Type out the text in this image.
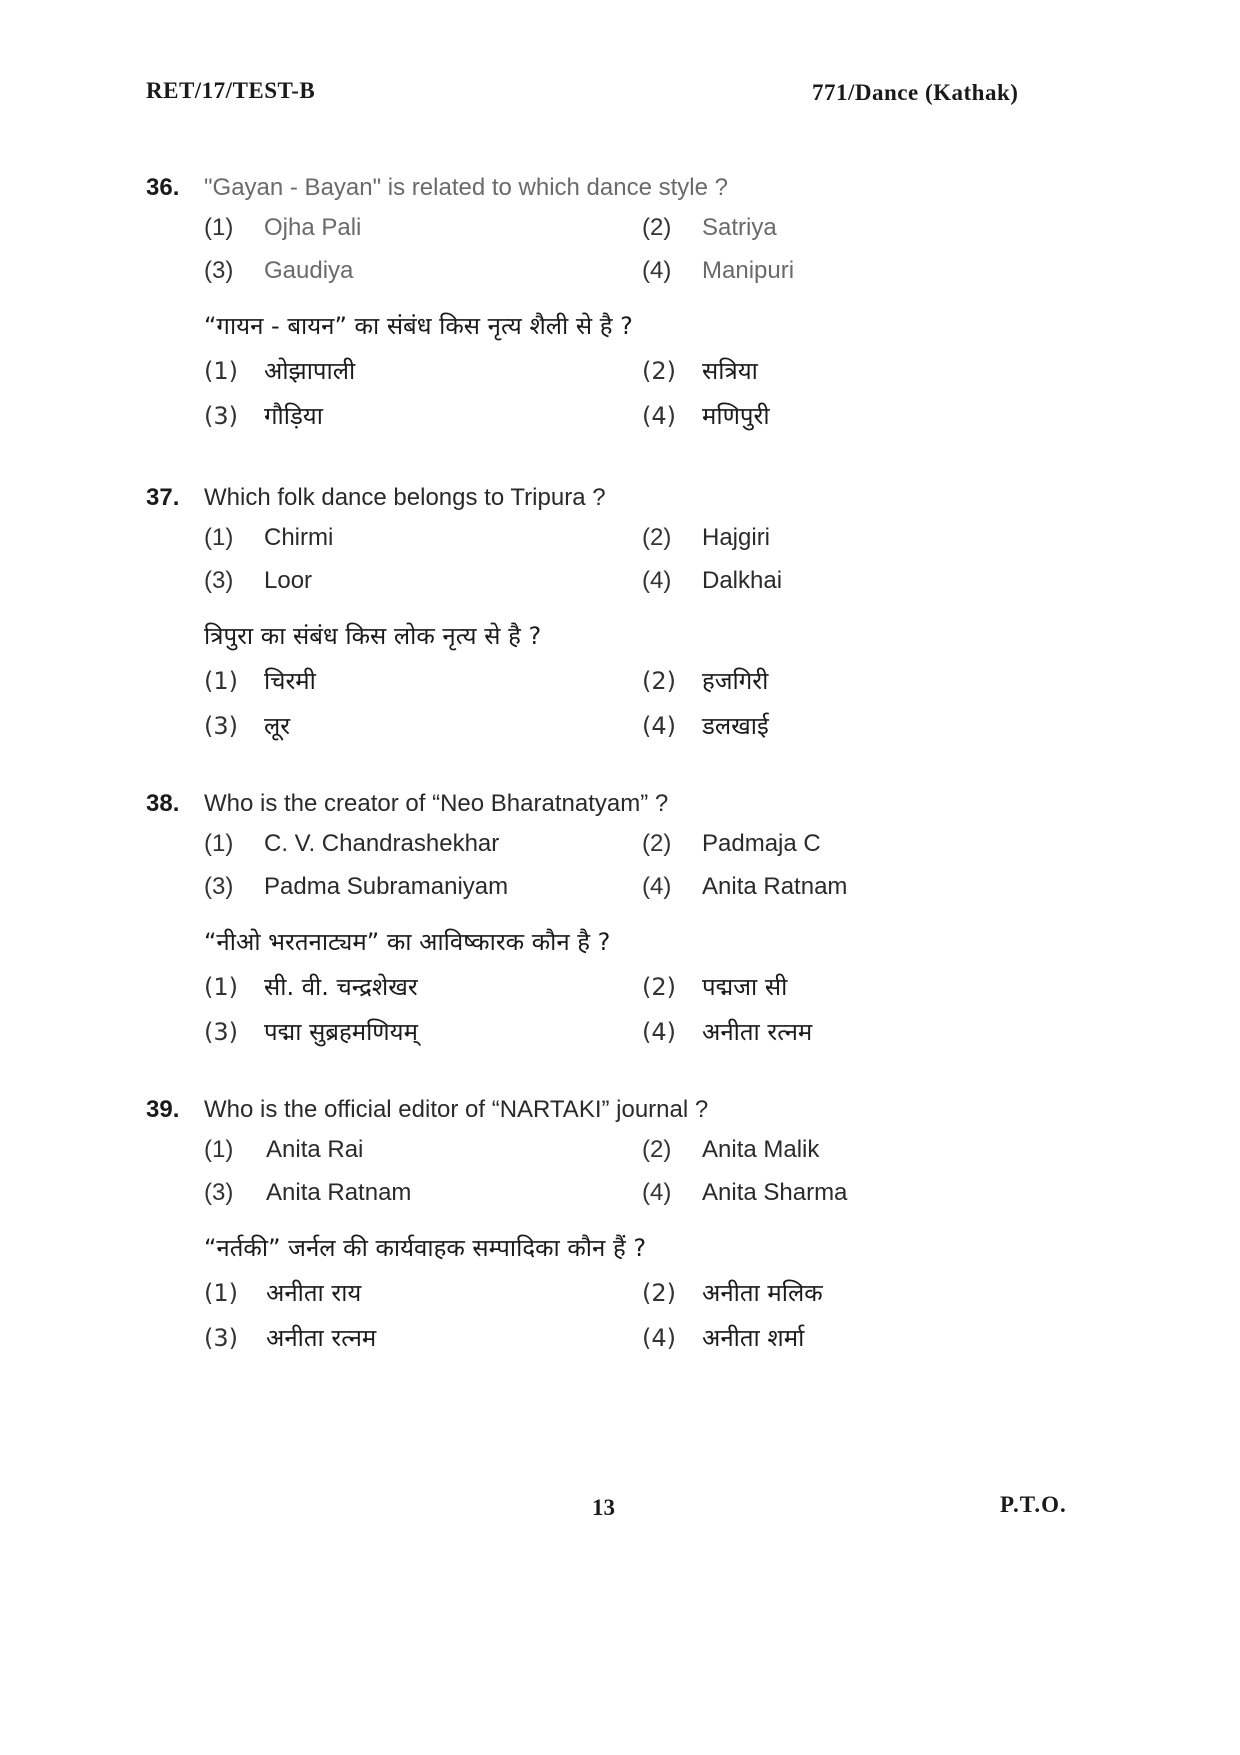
RET/17/TEST-B	771/Dance (Kathak)
36. "Gayan - Bayan" is related to which dance style ?
(1) Ojha Pali	(2) Satriya
(3) Gaudiya	(4) Manipuri
“गायन - बायन” का संबंध किस नृत्य शैली से है ?
(1) ओझापाली	(2) सत्रिया
(3) गौड़िया	(4) मणिपुरी
37. Which folk dance belongs to Tripura ?
(1) Chirmi	(2) Hajgiri
(3) Loor	(4) Dalkhai
त्रिपुरा का संबंध किस लोक नृत्य से है ?
(1) चिरमी	(2) हजगिरी
(3) लूर	(4) डलखाई
38. Who is the creator of “Neo Bharatnatyam” ?
(1) C. V. Chandrashekhar	(2) Padmaja C
(3) Padma Subramaniyam	(4) Anita Ratnam
“नीओ भरतनाट्यम” का आविष्कारक कौन है ?
(1) सी. वी. चन्द्रशेखर	(2) पद्मजा सी
(3) पद्मा सुब्रहमणियम्	(4) अनीता रत्नम
39. Who is the official editor of “NARTAKI” journal ?
(1) Anita Rai	(2) Anita Malik
(3) Anita Ratnam	(4) Anita Sharma
“नर्तकी” जर्नल की कार्यवाहक सम्पादिका कौन हैं ?
(1) अनीता राय	(2) अनीता मलिक
(3) अनीता रत्नम	(4) अनीता शर्मा
13	P.T.O.
